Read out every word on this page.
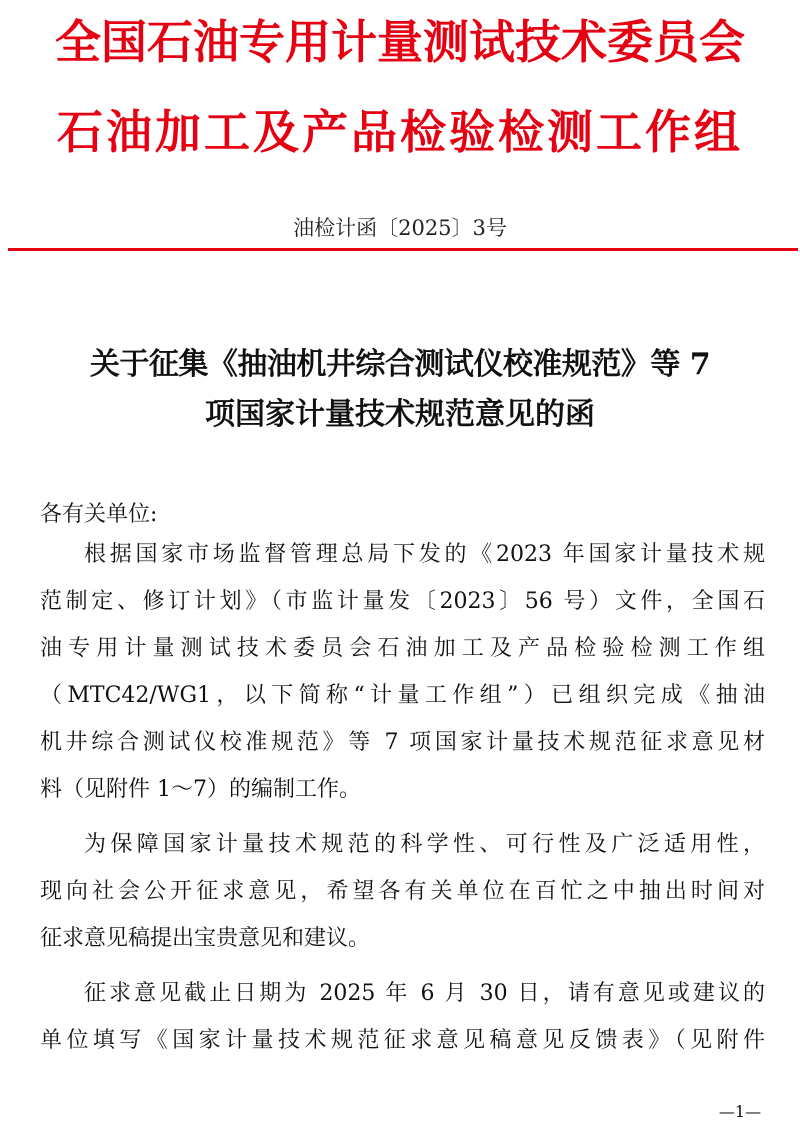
全国石油专用计量测试技术委员会
石油加工及产品检验检测工作组
油检计函〔2025〕3号
关于征集《抽油机井综合测试仪校准规范》等 7
项国家计量技术规范意见的函
各有关单位:
根据国家市场监督管理总局下发的《2023 年国家计量技术规
范制定、修订计划》（市监计量发〔2023〕56 号）文件，全国石
油专用计量测试技术委员会石油加工及产品检验检测工作组
（MTC42/WG1，以下简称“计量工作组”）已组织完成《抽油
机井综合测试仪校准规范》等 7 项国家计量技术规范征求意见材
料（见附件 1～7）的编制工作。
为保障国家计量技术规范的科学性、可行性及广泛适用性，
现向社会公开征求意见，希望各有关单位在百忙之中抽出时间对
征求意见稿提出宝贵意见和建议。
征求意见截止日期为 2025 年 6 月 30 日，请有意见或建议的
单位填写《国家计量技术规范征求意见稿意见反馈表》（见附件
—1—
